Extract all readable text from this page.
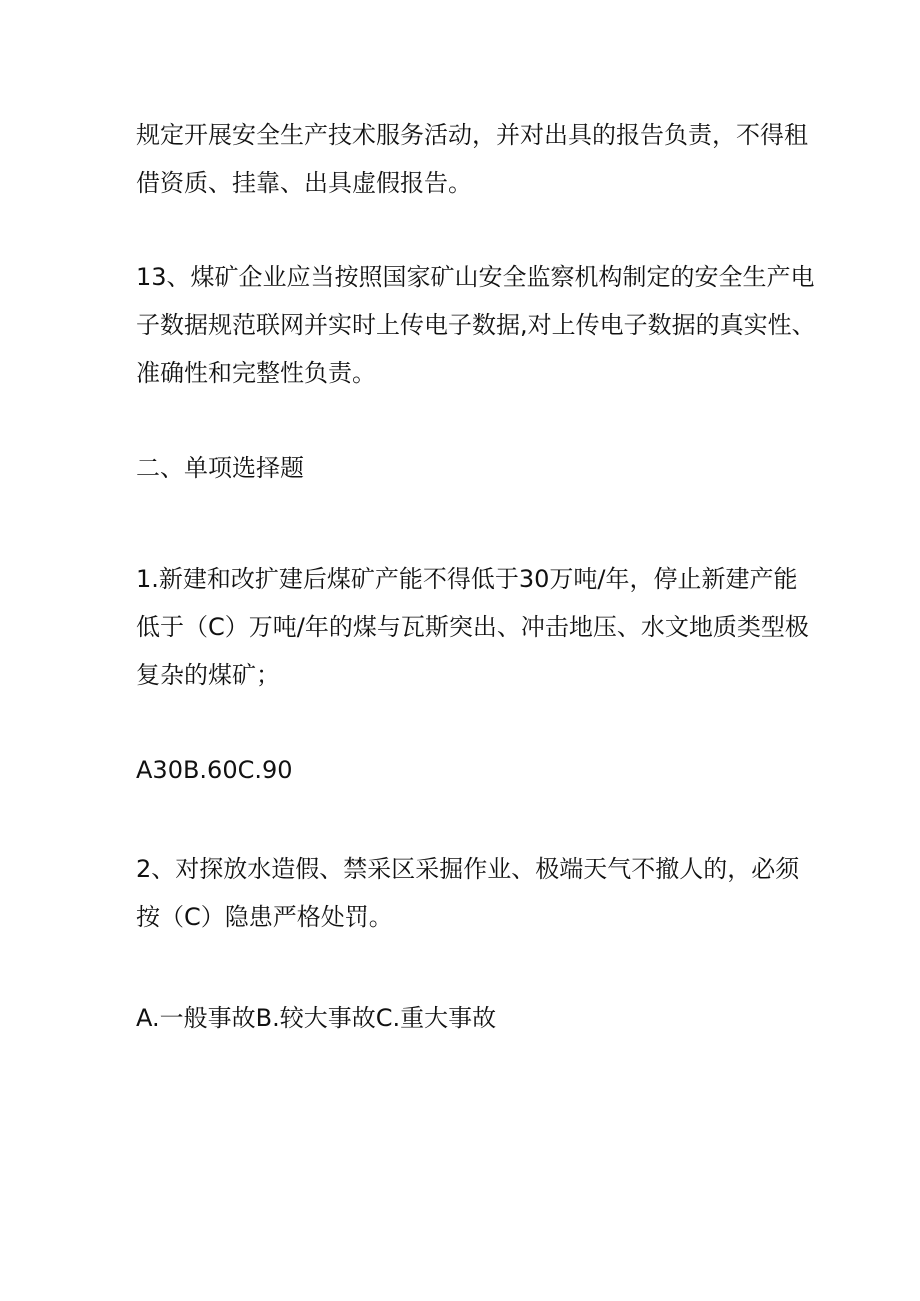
规定开展安全生产技术服务活动，并对出具的报告负责，不得租
借资质、挂靠、出具虚假报告。

13、煤矿企业应当按照国家矿山安全监察机构制定的安全生产电
子数据规范联网并实时上传电子数据,对上传电子数据的真实性、
准确性和完整性负责。

二、单项选择题

1.新建和改扩建后煤矿产能不得低于30万吨/年，停止新建产能
低于（C）万吨/年的煤与瓦斯突出、冲击地压、水文地质类型极
复杂的煤矿；

A30B.60C.90

2、对探放水造假、禁采区采掘作业、极端天气不撤人的，必须
按（C）隐患严格处罚。

A.一般事故B.较大事故C.重大事故
